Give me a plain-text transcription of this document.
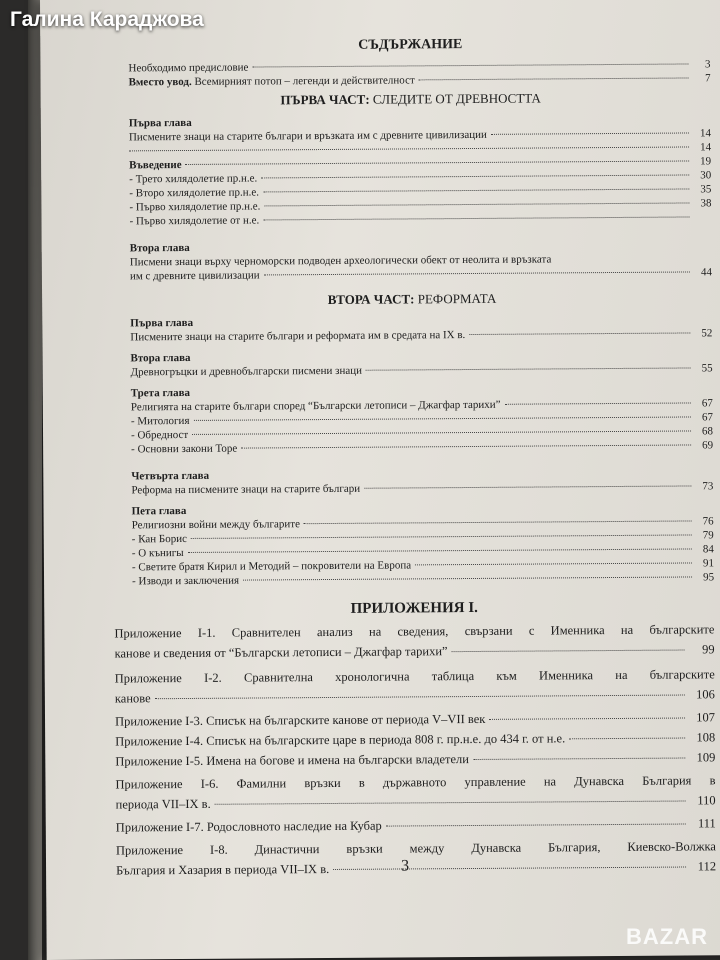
СЪДЪРЖАНИЕ
Необходимо предисловие	3
Вместо увод. Всемирният потоп – легенди и действителност	7
ПЪРВА ЧАСТ: СЛЕДИТЕ ОТ ДРЕВНОСТТА
Първа глава
Писмените знаци на старите българи и връзката им с древните цивилизации	14
14
Въведение	19
- Трето хилядолетие пр.н.е.	30
- Второ хилядолетие пр.н.е.	35
- Първо хилядолетие пр.н.е.	38
- Първо хилядолетие от н.е.
Втора глава
Писмени знаци върху черноморски подводен археологически обект от неолита и връзката
им с древните цивилизации	44
ВТОРА ЧАСТ: РЕФОРМАТА
Първа глава
Писмените знаци на старите българи и реформата им в средата на IX в.	52
Втора глава
Древногръцки и древнобългарски писмени знаци	55
Трета глава
Религията на старите българи според “Български летописи – Джагфар тарихи”	67
- Митология	67
- Обредност	68
- Основни закони Торе	69
Четвърта глава
Реформа на писмените знаци на старите българи	73
Пета глава
Религиозни войни между българите	76
- Кан Борис	79
- О кънигы	84
- Светите братя Кирил и Методий – покровители на Европа	91
- Изводи и заключения	95
ПРИЛОЖЕНИЯ I.
Приложение I-1. Сравнителен анализ на сведения, свързани с Именника на българските
канове и сведения от “Български летописи – Джагфар тарихи”	99
Приложение I-2. Сравнителна хронологична таблица към Именника на българските
канове	106
Приложение I-3. Списък на българските канове от периода V–VII век	107
Приложение I-4. Списък на българските царе в периода 808 г. пр.н.е. до 434 г. от н.е.	108
Приложение I-5. Имена на богове и имена на български владетели	109
Приложение I-6. Фамилни връзки в държавното управление на Дунавска България в
периода VII–IX в.	110
Приложение I-7. Родословното наследие на Кубар	111
Приложение I-8. Династични връзки между Дунавска България, Киевско-Волжка
България и Хазария в периода VII–IX в.	112
3
Галина Караджова
BAZAR
